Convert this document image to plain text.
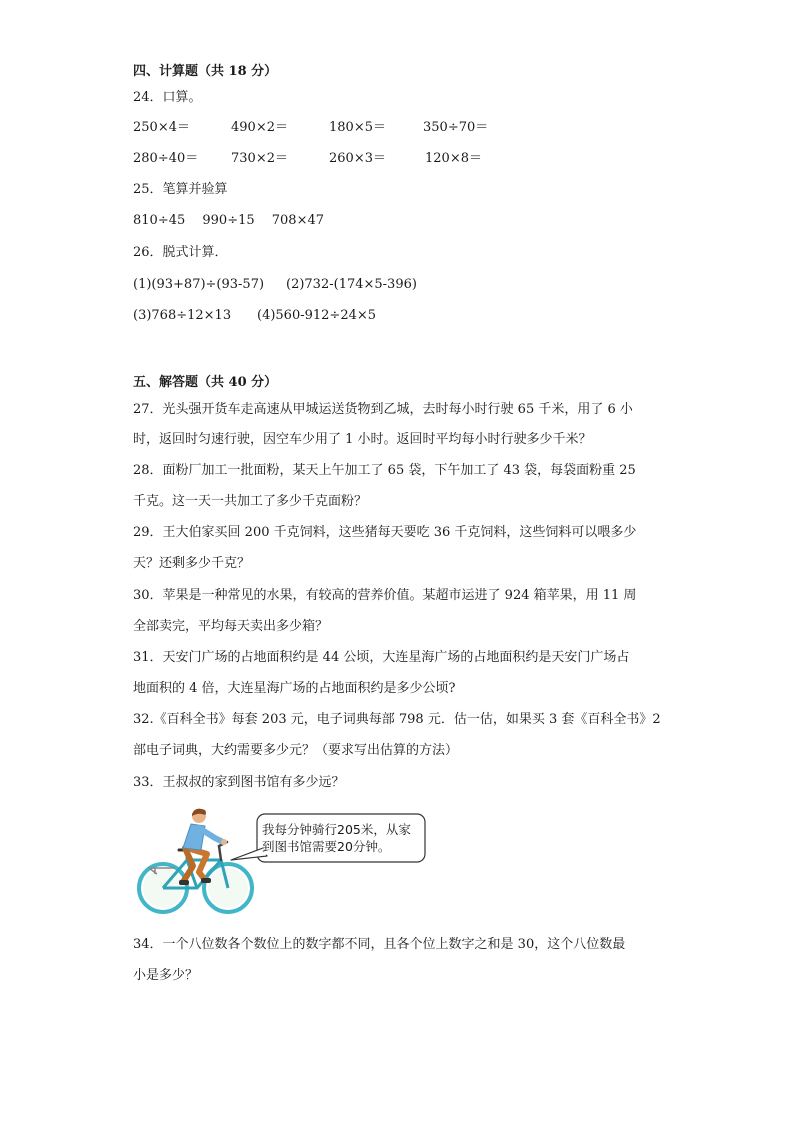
四、计算题（共 18 分）
24．口算。
250×4＝	490×2＝	180×5＝	350÷70＝
280÷40＝	730×2＝	260×3＝	120×8＝
25．笔算并验算
810÷45　 990÷15　 708×47
26．脱式计算．
(1)(93+87)÷(93-57) (2)732-(174×5-396)
(3)768÷12×13 (4)560-912÷24×5
五、解答题（共 40 分）
27．光头强开货车走高速从甲城运送货物到乙城，去时每小时行驶 65 千米，用了 6 小
时，返回时匀速行驶，因空车少用了 1 小时。返回时平均每小时行驶多少千米？
28．面粉厂加工一批面粉，某天上午加工了 65 袋，下午加工了 43 袋，每袋面粉重 25
千克。这一天一共加工了多少千克面粉？
29．王大伯家买回 200 千克饲料，这些猪每天要吃 36 千克饲料，这些饲料可以喂多少
天？还剩多少千克？
30．苹果是一种常见的水果，有较高的营养价值。某超市运进了 924 箱苹果，用 11 周
全部卖完，平均每天卖出多少箱？
31．天安门广场的占地面积约是 44 公顷，大连星海广场的占地面积约是天安门广场占
地面积的 4 倍，大连星海广场的占地面积约是多少公顷?
32.《百科全书》每套 203 元，电子词典每部 798 元．估一估，如果买 3 套《百科全书》2
部电子词典，大约需要多少元？（要求写出估算的方法）
33．王叔叔的家到图书馆有多少远？
我每分钟骑行205米，从家到图书馆需要20分钟。
34．一个八位数各个数位上的数字都不同，且各个位上数字之和是 30，这个八位数最
小是多少？
